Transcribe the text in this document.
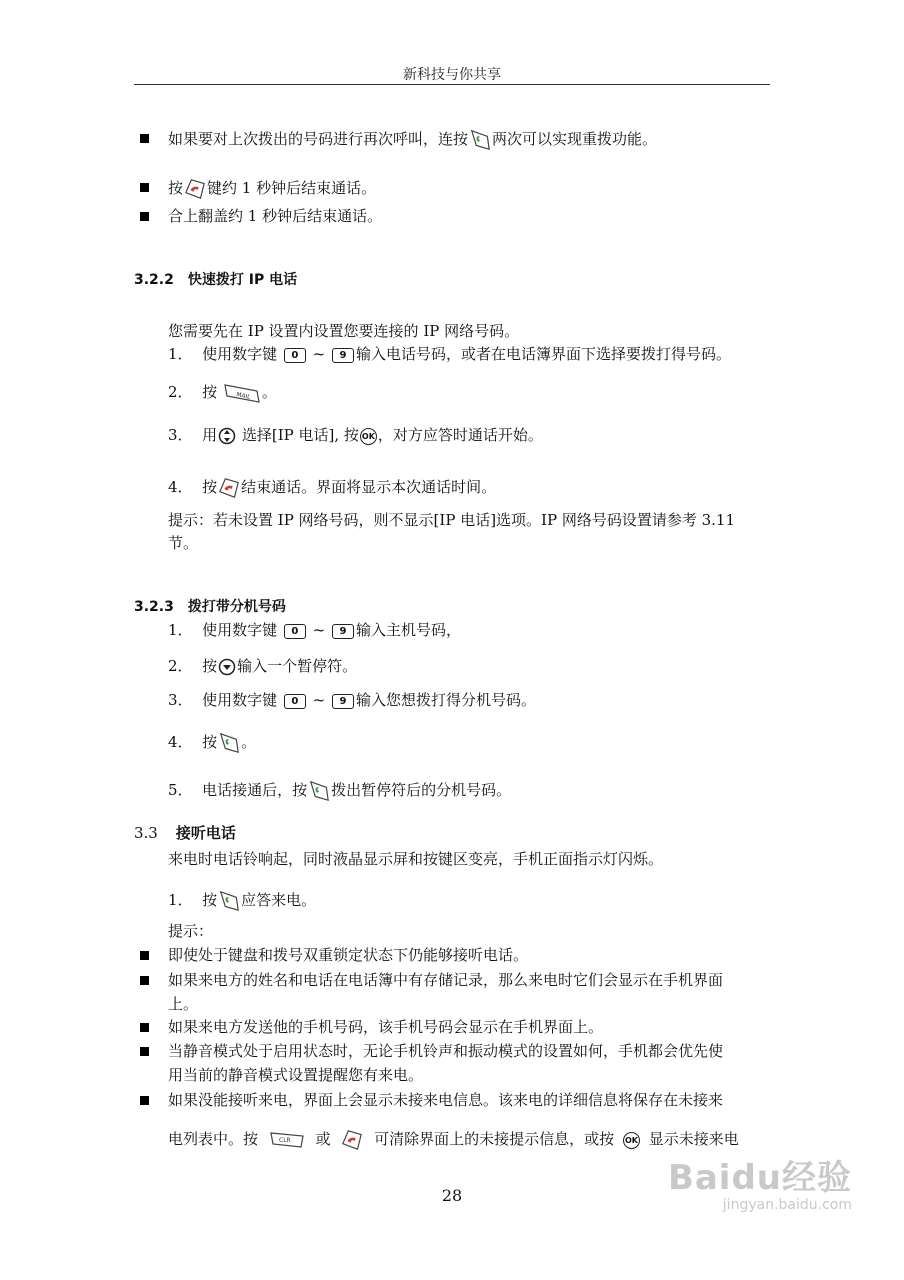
新科技与你共享
如果要对上次拨出的号码进行再次呼叫，连按 两次可以实现重拨功能。
按 键约 1 秒钟后结束通话。
合上翻盖约 1 秒钟后结束通话。
3.2.2　快速拨打 IP 电话
您需要先在 IP 设置内设置您要连接的 IP 网络号码。
1． 使用数字键 0 ~ 9 输入电话号码，或者在电话簿界面下选择要拨打得号码。
2． 按	MAIL 。
3． 用 选择[IP 电话], 按 OK ，对方应答时通话开始。
4． 按 结束通话。界面将显示本次通话时间。
提示：若未设置 IP 网络号码，则不显示[IP 电话]选项。IP 网络号码设置请参考 3.11
节。
3.2.3　拨打带分机号码
1． 使用数字键 0 ~ 9 输入主机号码，
2． 按 输入一个暂停符。
3． 使用数字键 0 ~ 9 输入您想拨打得分机号码。
4． 按 。
5． 电话接通后，按 拨出暂停符后的分机号码。
3.3 接听电话
来电时电话铃响起，同时液晶显示屏和按键区变亮，手机正面指示灯闪烁。
1． 按 应答来电。
提示：
即使处于键盘和拨号双重锁定状态下仍能够接听电话。
如果来电方的姓名和电话在电话簿中有存储记录，那么来电时它们会显示在手机界面
上。
如果来电方发送他的手机号码，该手机号码会显示在手机界面上。
当静音模式处于启用状态时，无论手机铃声和振动模式的设置如何，手机都会优先使
用当前的静音模式设置提醒您有来电。
如果没能接听来电，界面上会显示未接来电信息。该来电的详细信息将保存在未接来
电列表中。按	CLR 或	可清除界面上的未接提示信息，或按 OK 显示未接来电
28	Baidu经验
jingyan.baidu.com
